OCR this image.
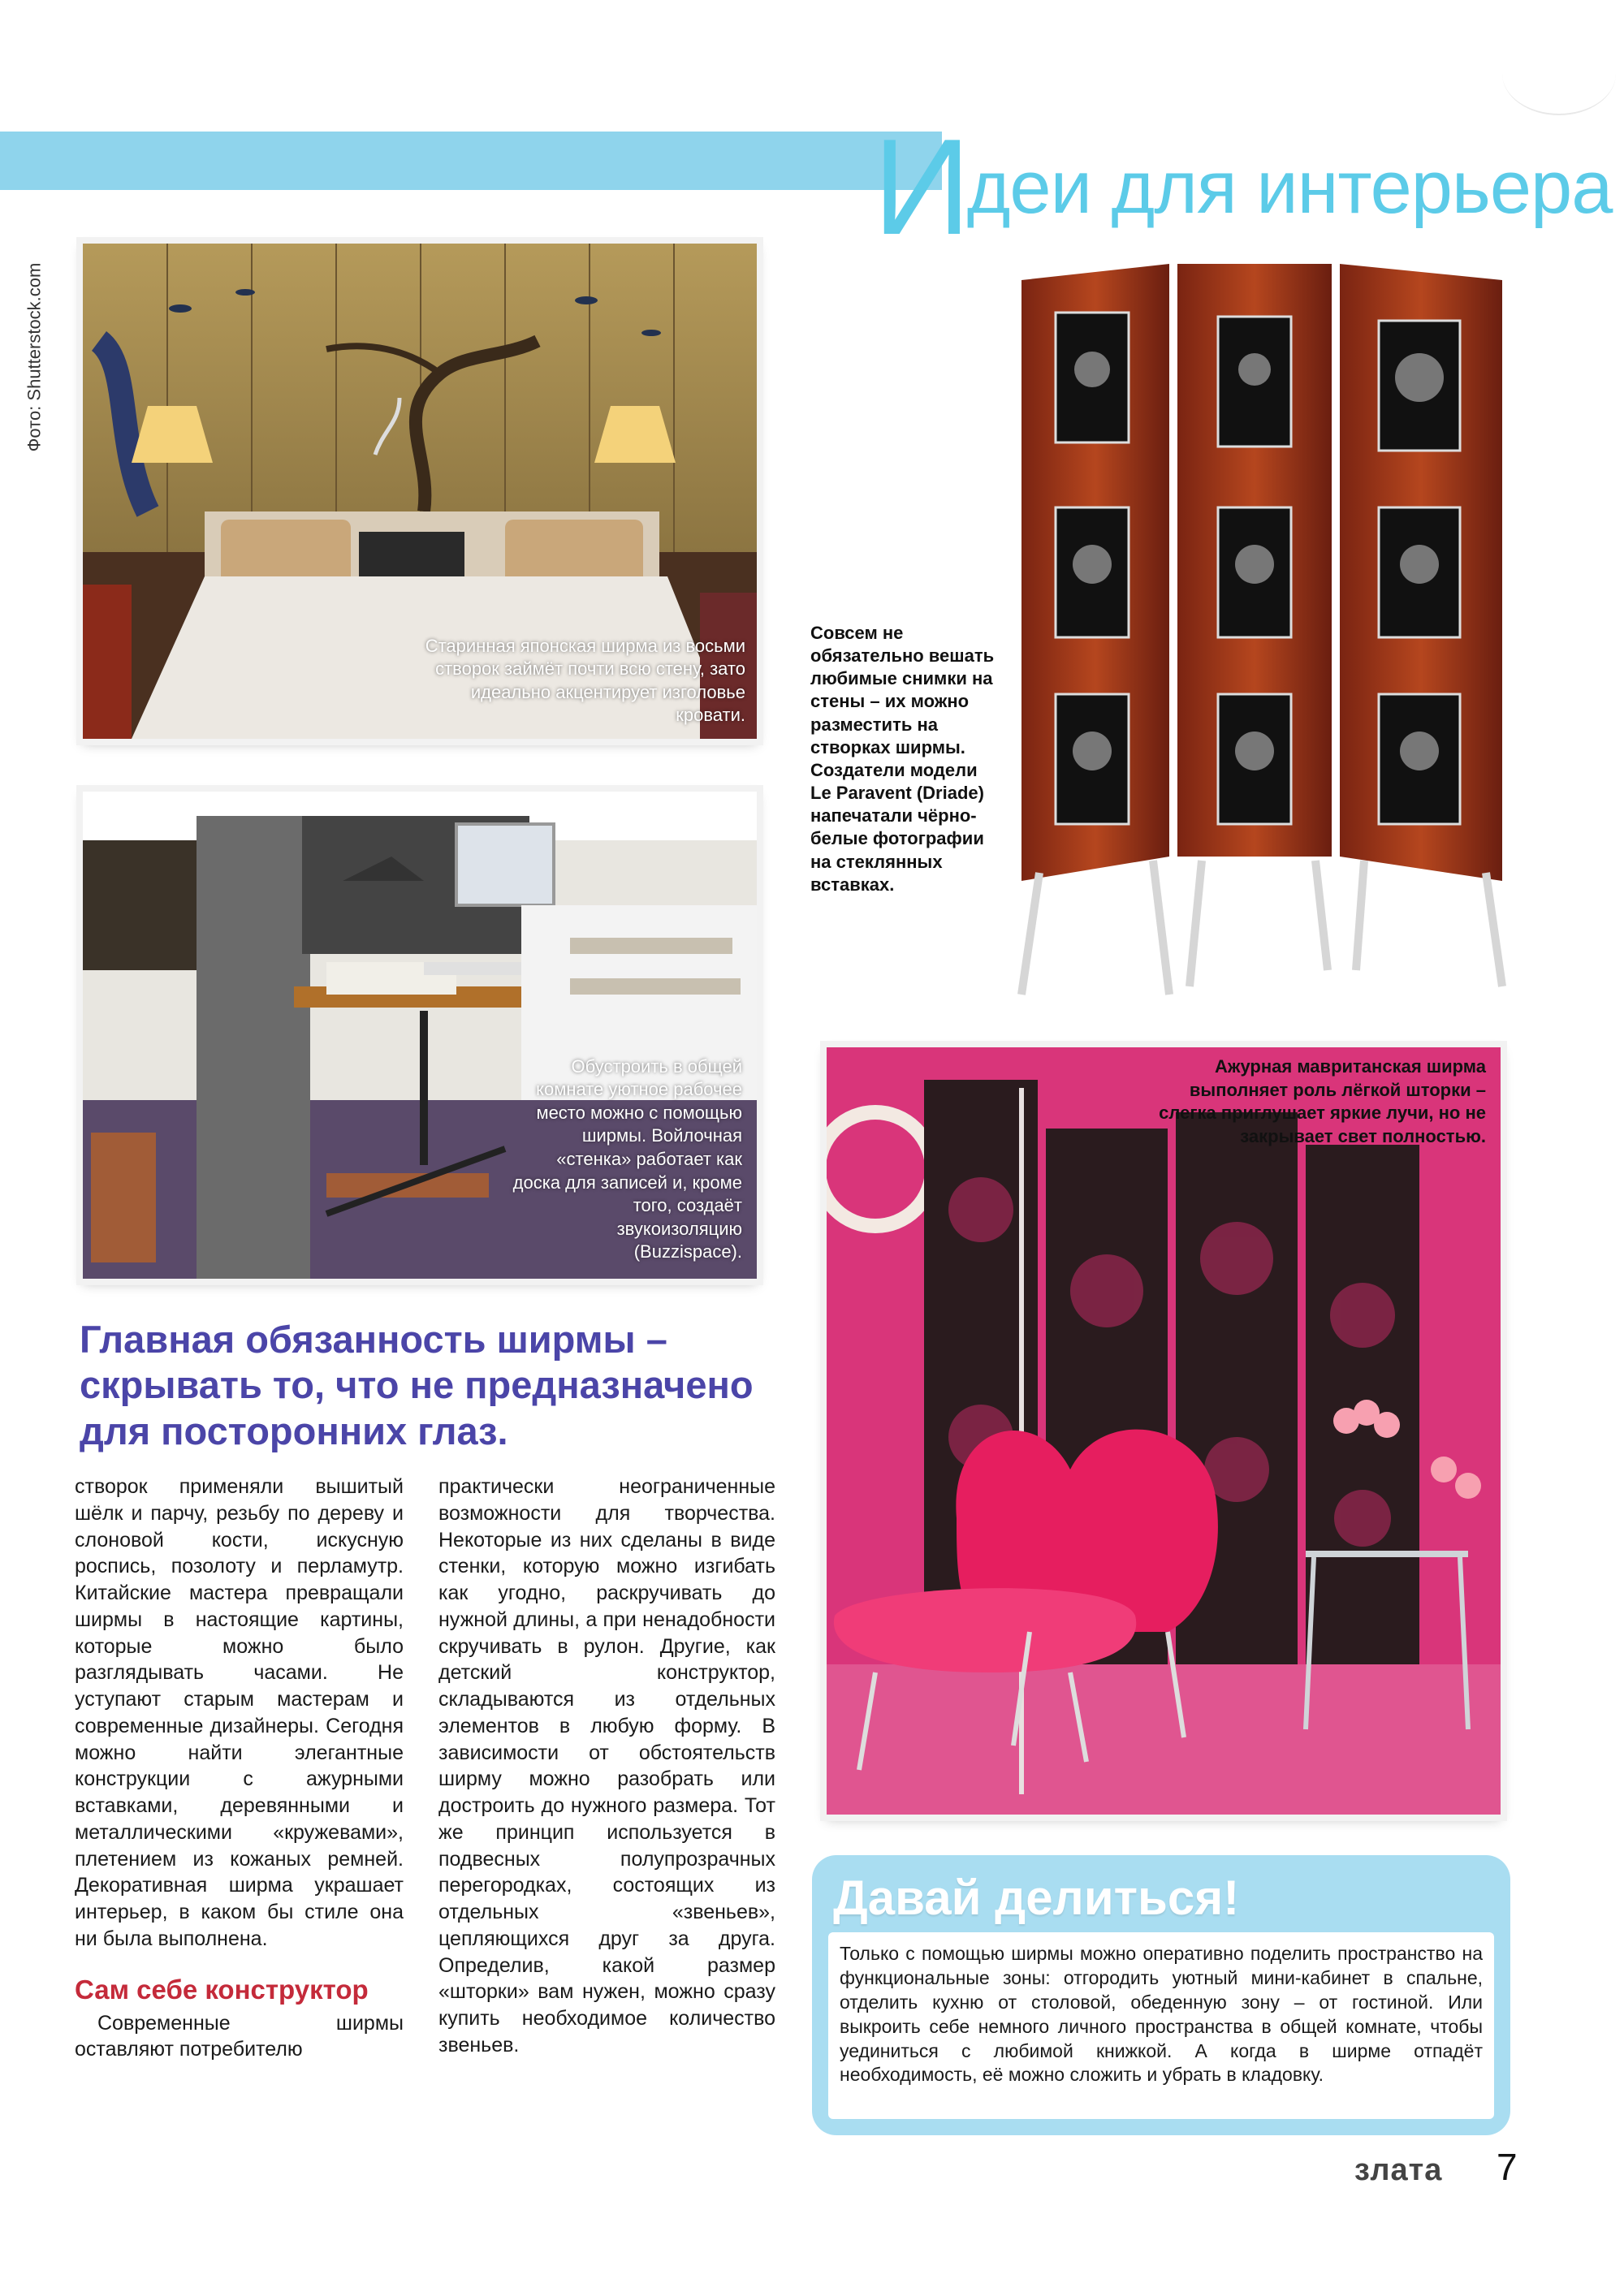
Идеи для интерьера
Фото: Shutterstock.com
Старинная японская ширма из восьми створок займёт почти всю стену, зато идеально акцентирует изголовье кровати.
Обустроить в общей комнате уютное рабочее место можно с помощью ширмы. Войлочная «стенка» работает как доска для записей и, кроме того, создаёт звукоизоляцию (Buzzispace).
Совсем не обязательно вешать любимые снимки на стены – их можно разместить на створках ширмы. Создатели модели Le Paravent (Driade) напечатали чёрно-белые фотографии на стеклянных вставках.
Ажурная мавританская ширма выполняет роль лёгкой шторки – слегка приглушает яркие лучи, но не закрывает свет полностью.
Главная обязанность ширмы – скрывать то, что не предназначено для посторонних глаз.

створок применяли вышитый шёлк и парчу, резьбу по дереву и слоновой кости, искусную роспись, позолоту и перламутр. Китайские мастера превращали ширмы в настоящие картины, которые можно было разглядывать часами. Не уступают старым мастерам и современные дизайнеры. Сегодня можно найти элегантные конструкции с ажурными вставками, деревянными и металлическими «кружевами», плетением из кожаных ремней. Декоративная ширма украшает интерьер, в каком бы стиле она ни была выполнена.

Сам себе конструктор

Современные ширмы оставляют потребителю

практически неограниченные возможности для творчества. Некоторые из них сделаны в виде стенки, которую можно изгибать как угодно, раскручивать до нужной длины, а при ненадобности скручивать в рулон. Другие, как детский конструктор, складываются из отдельных элементов в любую форму. В зависимости от обстоятельств ширму можно разобрать или достроить до нужного размера. Тот же принцип используется в подвесных полупрозрачных перегородках, состоящих из отдельных «звеньев», цепляющихся друг за друга. Определив, какой размер «шторки» вам нужен, можно сразу купить необходимое количество звеньев.

Давай делиться!
Только с помощью ширмы можно оперативно поделить пространство на функциональные зоны: отгородить уютный мини-кабинет в спальне, отделить кухню от столовой, обеденную зону – от гостиной. Или выкроить себе немного личного пространства в общей комнате, чтобы уединиться с любимой книжкой. А когда в ширме отпадёт необходимость, её можно сложить и убрать в кладовку.
злата 7
